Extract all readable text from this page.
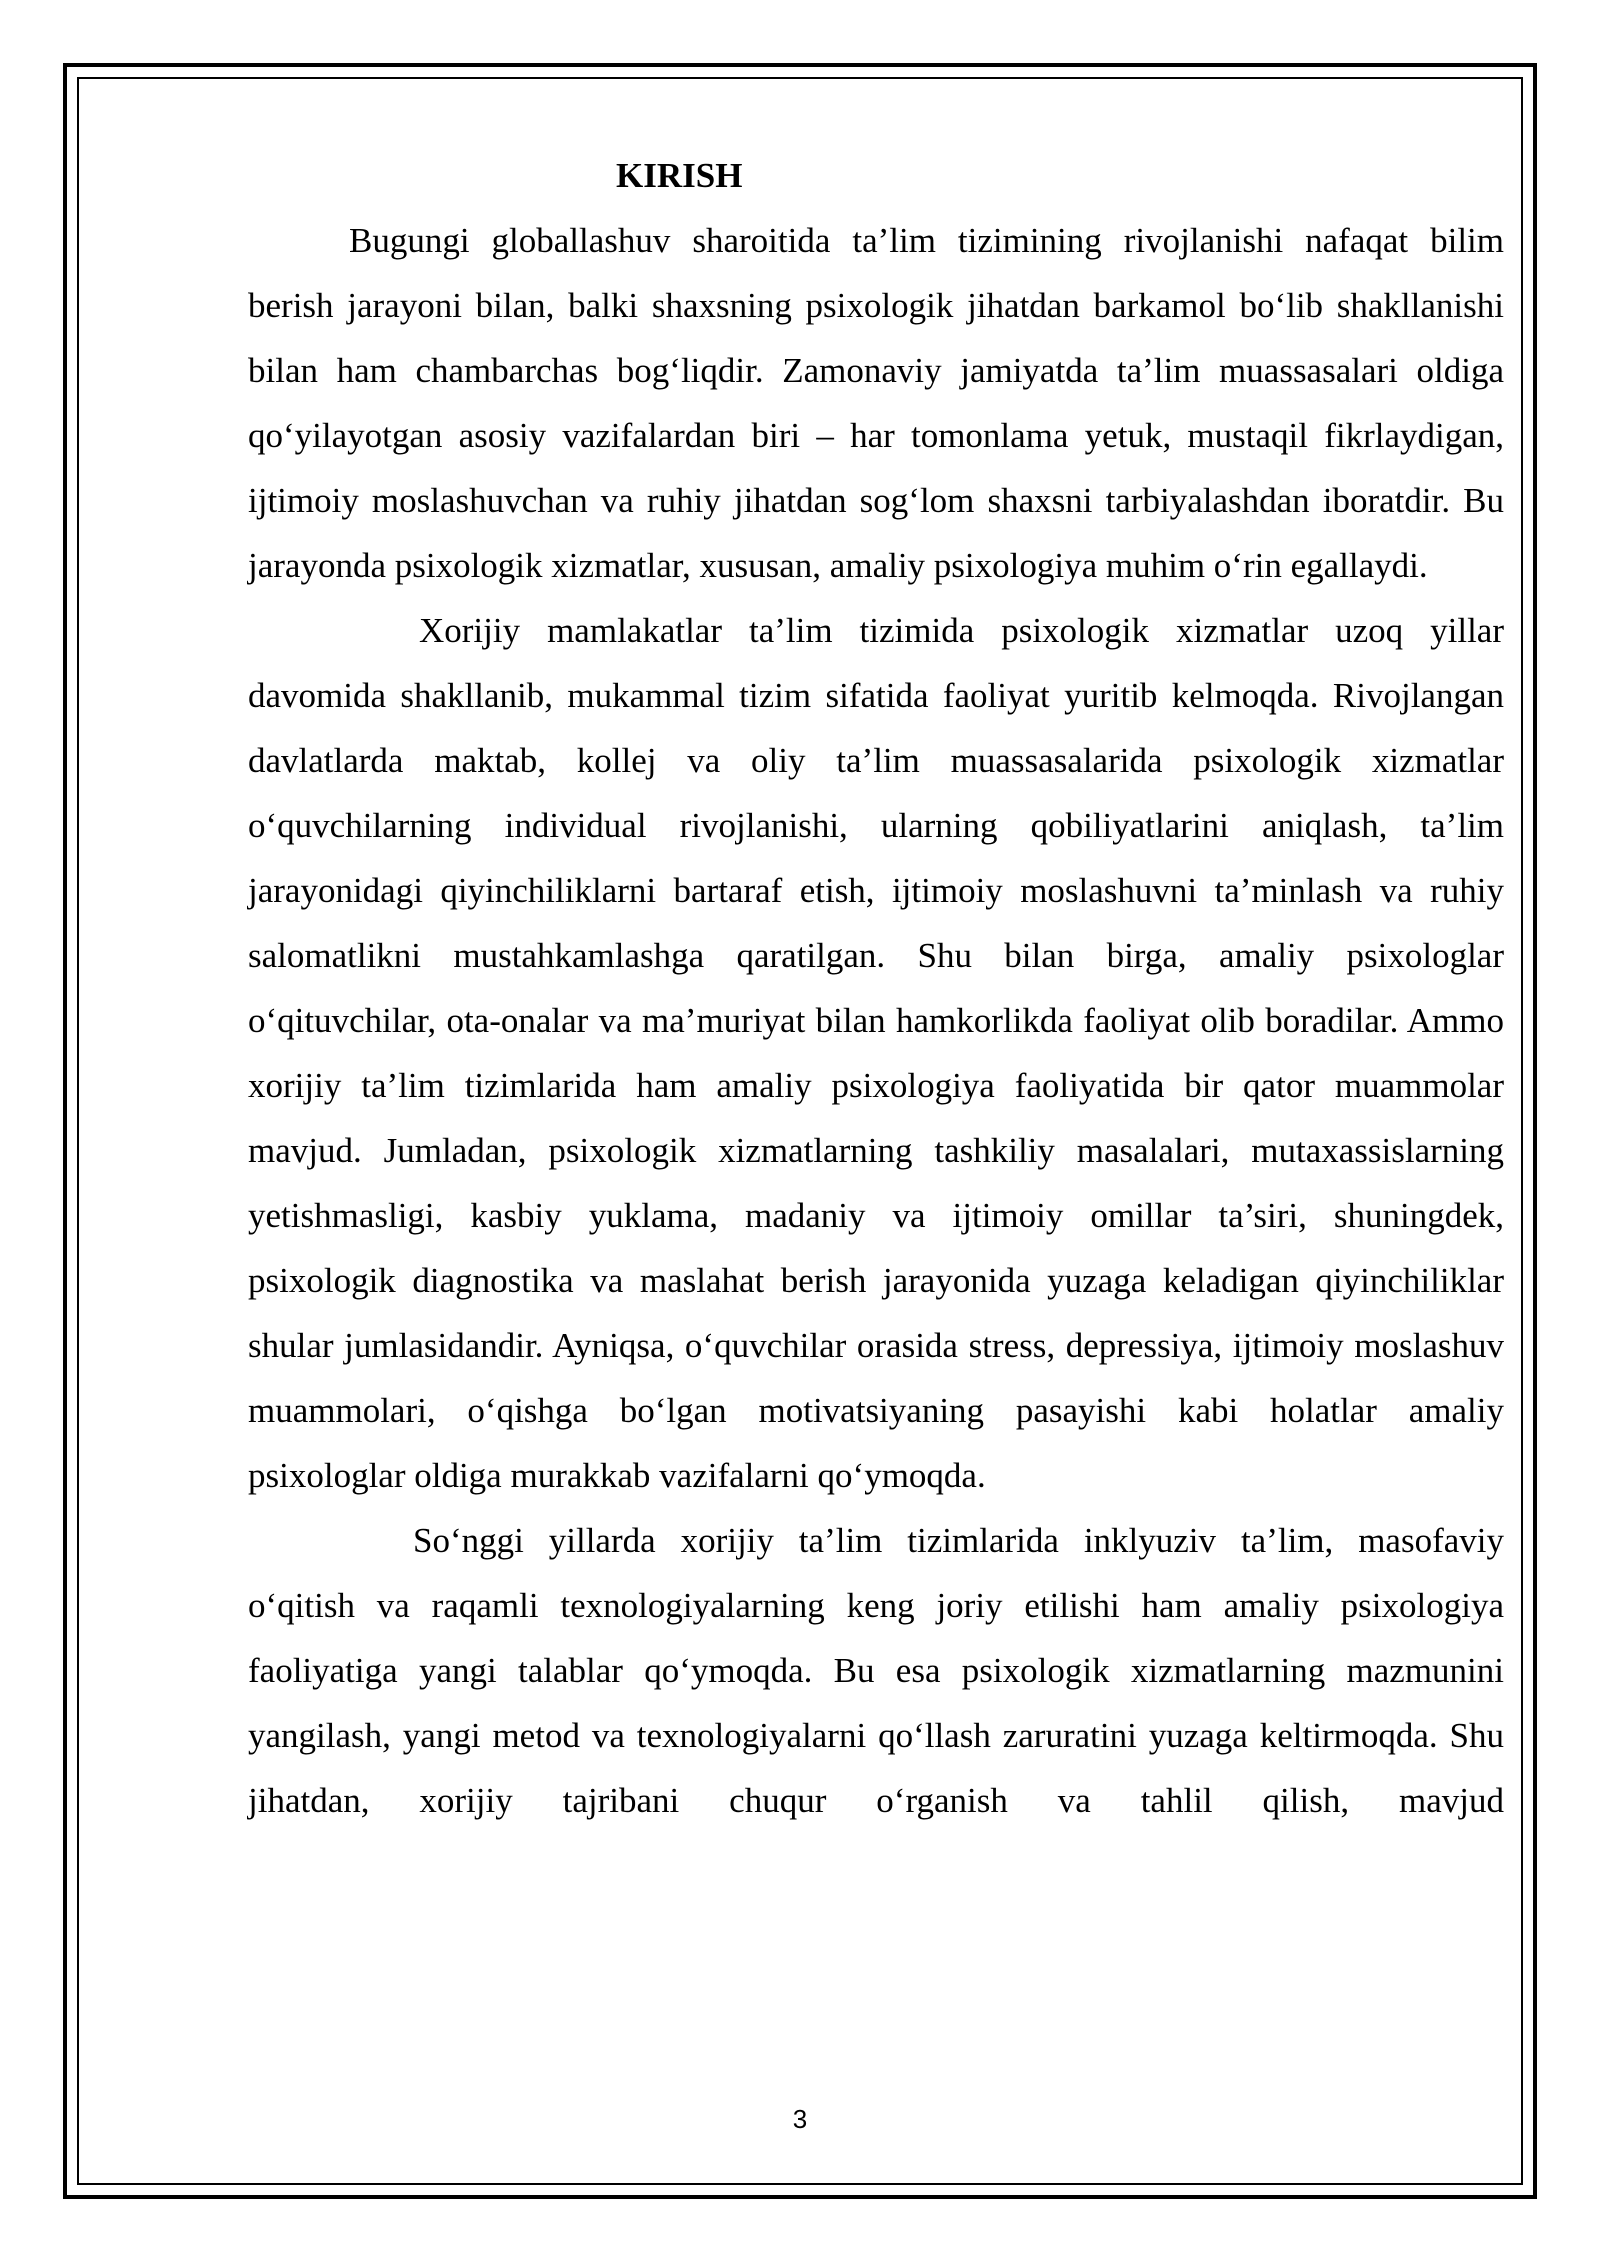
KIRISH

Bugungi globallashuv sharoitida ta’lim tizimining rivojlanishi nafaqat bilim berish jarayoni bilan, balki shaxsning psixologik jihatdan barkamol bo‘lib shakllanishi bilan ham chambarchas bog‘liqdir. Zamonaviy jamiyatda ta’lim muassasalari oldiga qo‘yilayotgan asosiy vazifalardan biri – har tomonlama yetuk, mustaqil fikrlaydigan, ijtimoiy moslashuvchan va ruhiy jihatdan sog‘lom shaxsni tarbiyalashdan iboratdir. Bu jarayonda psixologik xizmatlar, xususan, amaliy psixologiya muhim o‘rin egallaydi.

Xorijiy mamlakatlar ta’lim tizimida psixologik xizmatlar uzoq yillar davomida shakllanib, mukammal tizim sifatida faoliyat yuritib kelmoqda. Rivojlangan davlatlarda maktab, kollej va oliy ta’lim muassasalarida psixologik xizmatlar o‘quvchilarning individual rivojlanishi, ularning qobiliyatlarini aniqlash, ta’lim jarayonidagi qiyinchiliklarni bartaraf etish, ijtimoiy moslashuvni ta’minlash va ruhiy salomatlikni mustahkamlashga qaratilgan. Shu bilan birga, amaliy psixologlar o‘qituvchilar, ota-onalar va ma’muriyat bilan hamkorlikda faoliyat olib boradilar. Ammo xorijiy ta’lim tizimlarida ham amaliy psixologiya faoliyatida bir qator muammolar mavjud. Jumladan, psixologik xizmatlarning tashkiliy masalalari, mutaxassislarning yetishmasligi, kasbiy yuklama, madaniy va ijtimoiy omillar ta’siri, shuningdek, psixologik diagnostika va maslahat berish jarayonida yuzaga keladigan qiyinchiliklar shular jumlasidandir. Ayniqsa, o‘quvchilar orasida stress, depressiya, ijtimoiy moslashuv muammolari, o‘qishga bo‘lgan motivatsiyaning pasayishi kabi holatlar amaliy psixologlar oldiga murakkab vazifalarni qo‘ymoqda.

So‘nggi yillarda xorijiy ta’lim tizimlarida inklyuziv ta’lim, masofaviy o‘qitish va raqamli texnologiyalarning keng joriy etilishi ham amaliy psixologiya faoliyatiga yangi talablar qo‘ymoqda. Bu esa psixologik xizmatlarning mazmunini yangilash, yangi metod va texnologiyalarni qo‘llash zaruratini yuzaga keltirmoqda. Shu jihatdan, xorijiy tajribani chuqur o‘rganish va tahlil qilish, mavjud

3
